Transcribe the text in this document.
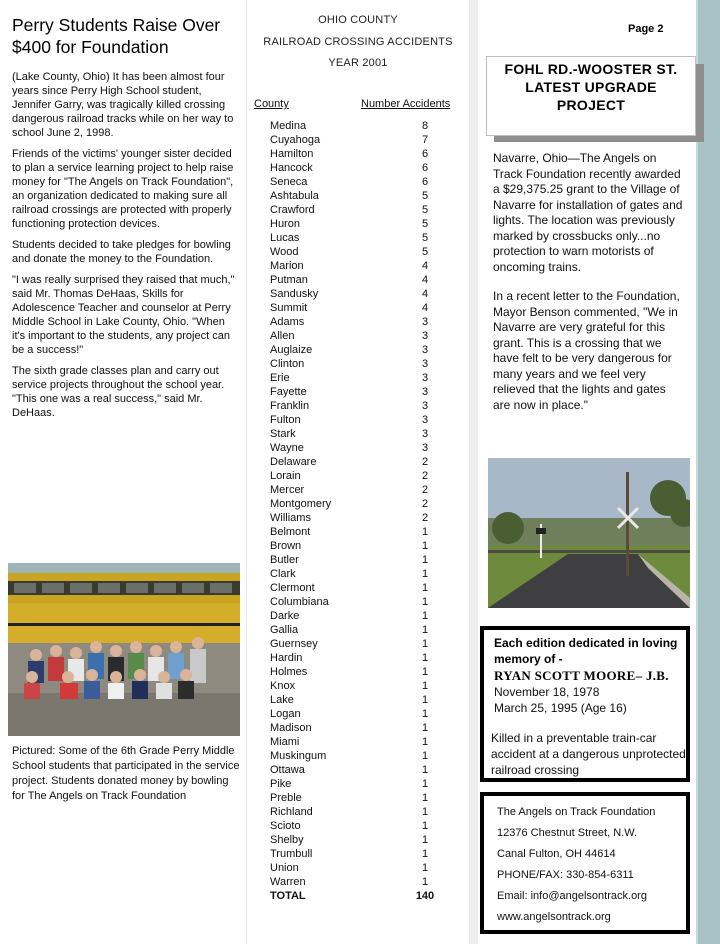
Perry Students Raise Over $400 for Foundation

(Lake County, Ohio) It has been almost four years since Perry High School student, Jennifer Garry, was tragically killed crossing dangerous railroad tracks while on her way to school June 2, 1998.

Friends of the victims' younger sister decided to plan a service learning project to help raise money for "The Angels on Track Foundation", an organization dedicated to making sure all railroad crossings are protected with properly functioning protection devices.

Students decided to take pledges for bowling and donate the money to the Foundation.

"I was really surprised they raised that much," said Mr. Thomas DeHaas, Skills for Adolescence Teacher and counselor at Perry Middle School in Lake County, Ohio. "When it's important to the students, any project can be a success!"

The sixth grade classes plan and carry out service projects throughout the school year. "This one was a real success," said Mr. DeHaas.

Pictured: Some of the 6th Grade Perry Middle School students that participated in the service project. Students donated money by bowling for The Angels on Track Foundation
OHIO COUNTY
RAILROAD CROSSING ACCIDENTS
YEAR 2001
County	Number Accidents
Medina	8
Cuyahoga	7
Hamilton	6
Hancock	6
Seneca	6
Ashtabula	5
Crawford	5
Huron	5
Lucas	5
Wood	5
Marion	4
Putman	4
Sandusky	4
Summit	4
Adams	3
Allen	3
Auglaize	3
Clinton	3
Erie	3
Fayette	3
Franklin	3
Fulton	3
Stark	3
Wayne	3
Delaware	2
Lorain	2
Mercer	2
Montgomery	2
Williams	2
Belmont	1
Brown	1
Butler	1
Clark	1
Clermont	1
Columbiana	1
Darke	1
Gallia	1
Guernsey	1
Hardin	1
Holmes	1
Knox	1
Lake	1
Logan	1
Madison	1
Miami	1
Muskingum	1
Ottawa	1
Pike	1
Preble	1
Richland	1
Scioto	1
Shelby	1
Trumbull	1
Union	1
Warren	1
TOTAL	140
Page 2
FOHL RD.-WOOSTER ST.
LATEST UPGRADE
PROJECT

Navarre, Ohio—The Angels on Track Foundation recently awarded a $29,375.25 grant to the Village of Navarre for installation of gates and lights. The location was previously marked by crossbucks only...no protection to warn motorists of oncoming trains.

In a recent letter to the Foundation, Mayor Benson commented, "We in Navarre are very grateful for this grant. This is a crossing that we have felt to be very dangerous for many years and we feel very relieved that the lights and gates are now in place."

Each edition dedicated in loving memory of -
RYAN SCOTT MOORE– J.B.
November 18, 1978
March 25, 1995 (Age 16)
Killed in a preventable train-car accident at a dangerous unprotected railroad crossing
The Angels on Track Foundation
12376 Chestnut Street, N.W.
Canal Fulton, OH 44614
PHONE/FAX: 330-854-6311
Email: info@angelsontrack.org
www.angelsontrack.org
